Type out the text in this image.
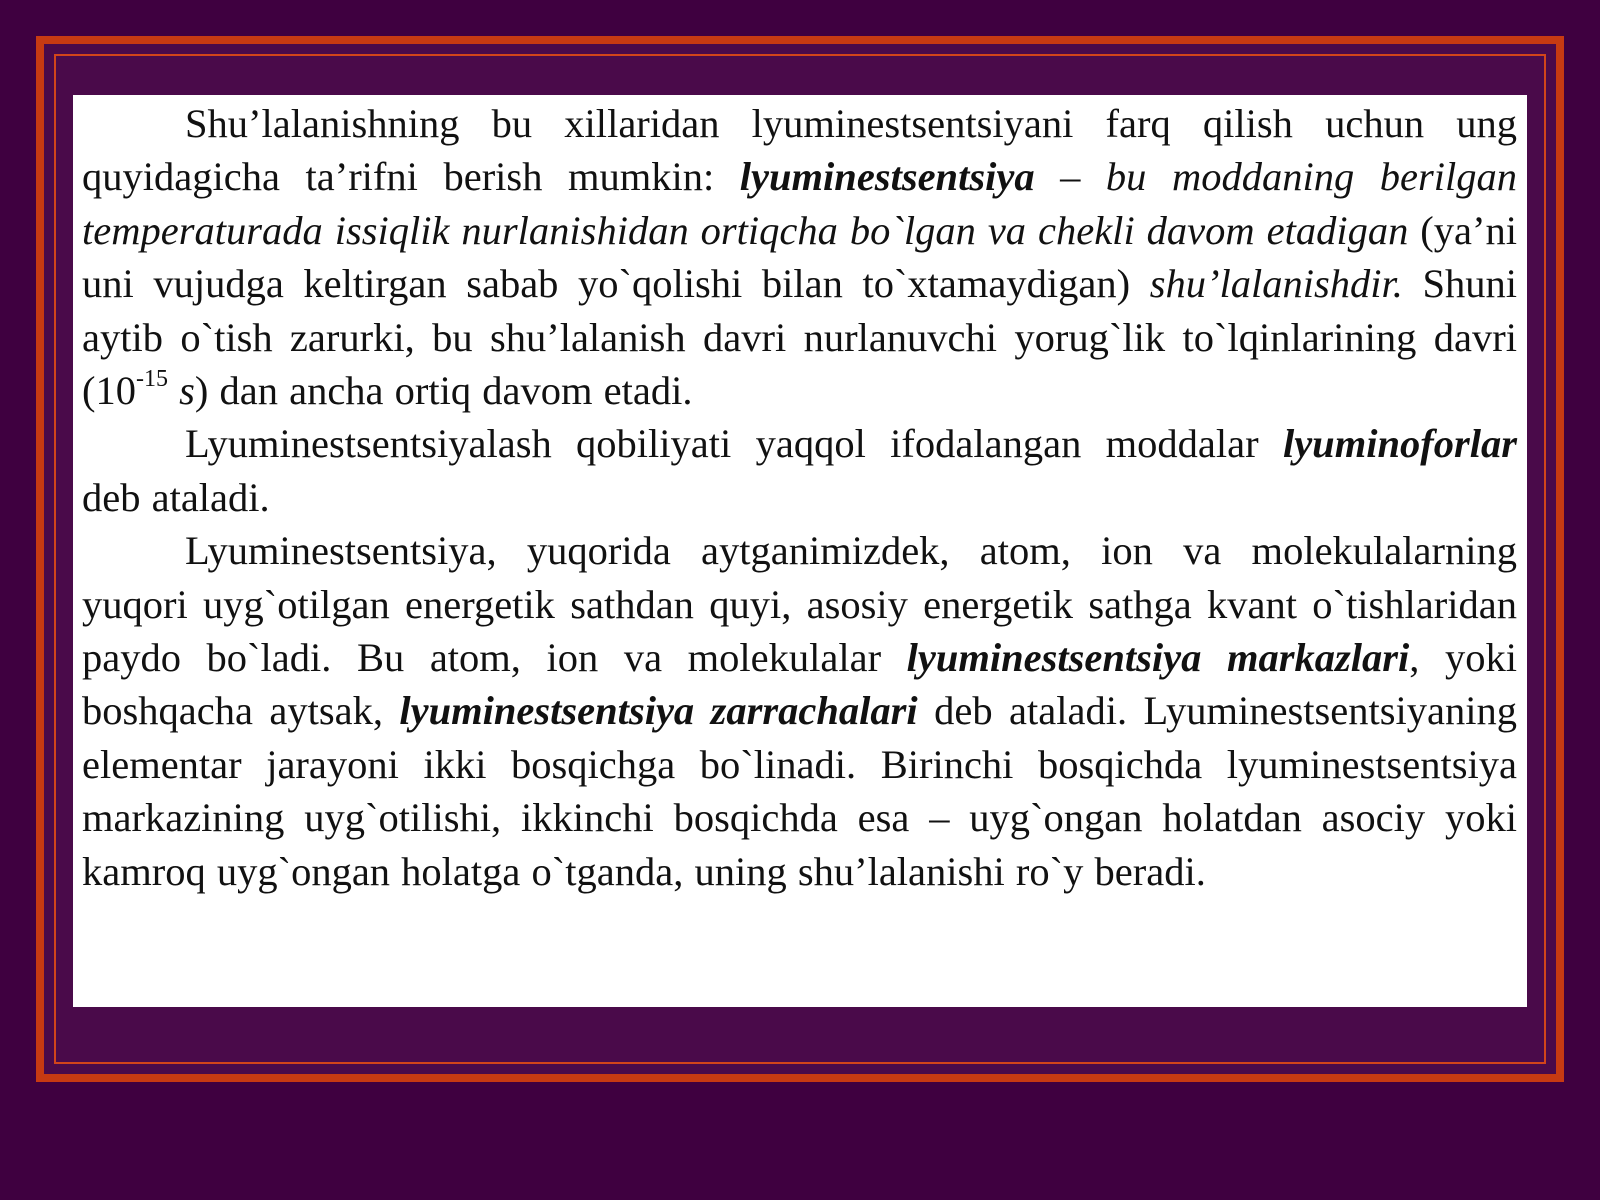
Shu’lalanishning bu xillaridan lyuminestsentsiyani farq qilish uchun ung quyidagicha ta’rifni berish mumkin: lyuminestsentsiya – bu moddaning berilgan temperaturada issiqlik nurlanishidan ortiqcha bo`lgan va chekli davom etadigan (ya’ni uni vujudga keltirgan sabab yo`qolishi bilan to`xtamaydigan) shu’lalanishdir. Shuni aytib o`tish zarurki, bu shu’lalanish davri nurlanuvchi yorug`lik to`lqinlarining davri ($10^{-15}$ s) dan ancha ortiq davom etadi.

Lyuminestsentsiyalash qobiliyati yaqqol ifodalangan moddalar lyuminoforlar deb ataladi.

Lyuminestsentsiya, yuqorida aytganimizdek, atom, ion va molekulalarning yuqori uyg`otilgan energetik sathdan quyi, asosiy energetik sathga kvant o`tishlaridan paydo bo`ladi. Bu atom, ion va molekulalar lyuminestsentsiya markazlari, yoki boshqacha aytsak, lyuminestsentsiya zarrachalari deb ataladi. Lyuminestsentsiyaning elementar jarayoni ikki bosqichga bo`linadi. Birinchi bosqichda lyuminestsentsiya markazining uyg`otilishi, ikkinchi bosqichda esa – uyg`ongan holatdan asociy yoki kamroq uyg`ongan holatga o`tganda, uning shu’lalanishi ro`y beradi.
